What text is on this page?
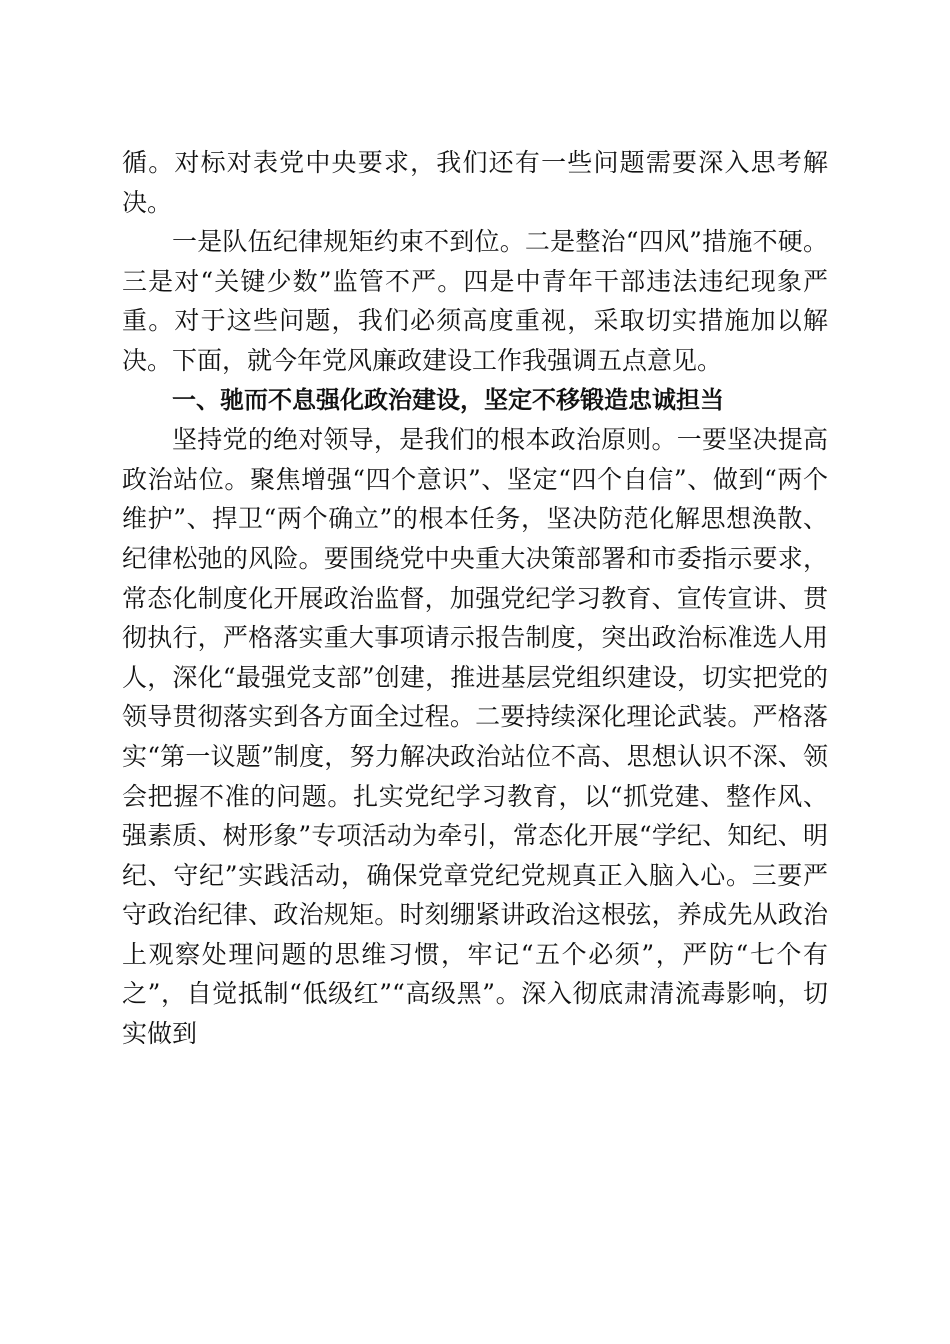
循。对标对表党中央要求，我们还有一些问题需要深入思考解决。

一是队伍纪律规矩约束不到位。二是整治“四风”措施不硬。三是对“关键少数”监管不严。四是中青年干部违法违纪现象严重。对于这些问题，我们必须高度重视，采取切实措施加以解决。下面，就今年党风廉政建设工作我强调五点意见。

一、驰而不息强化政治建设，坚定不移锻造忠诚担当

坚持党的绝对领导，是我们的根本政治原则。一要坚决提高政治站位。聚焦增强“四个意识”、坚定“四个自信”、做到“两个维护”、捍卫“两个确立”的根本任务，坚决防范化解思想涣散、纪律松弛的风险。要围绕党中央重大决策部署和市委指示要求，常态化制度化开展政治监督，加强党纪学习教育、宣传宣讲、贯彻执行，严格落实重大事项请示报告制度，突出政治标准选人用人，深化“最强党支部”创建，推进基层党组织建设，切实把党的领导贯彻落实到各方面全过程。二要持续深化理论武装。严格落实“第一议题”制度，努力解决政治站位不高、思想认识不深、领会把握不准的问题。扎实党纪学习教育，以“抓党建、整作风、强素质、树形象”专项活动为牵引，常态化开展“学纪、知纪、明纪、守纪”实践活动，确保党章党纪党规真正入脑入心。三要严守政治纪律、政治规矩。时刻绷紧讲政治这根弦，养成先从政治上观察处理问题的思维习惯，牢记“五个必须”，严防“七个有之”，自觉抵制“低级红”“高级黑”。深入彻底肃清流毒影响，切实做到
